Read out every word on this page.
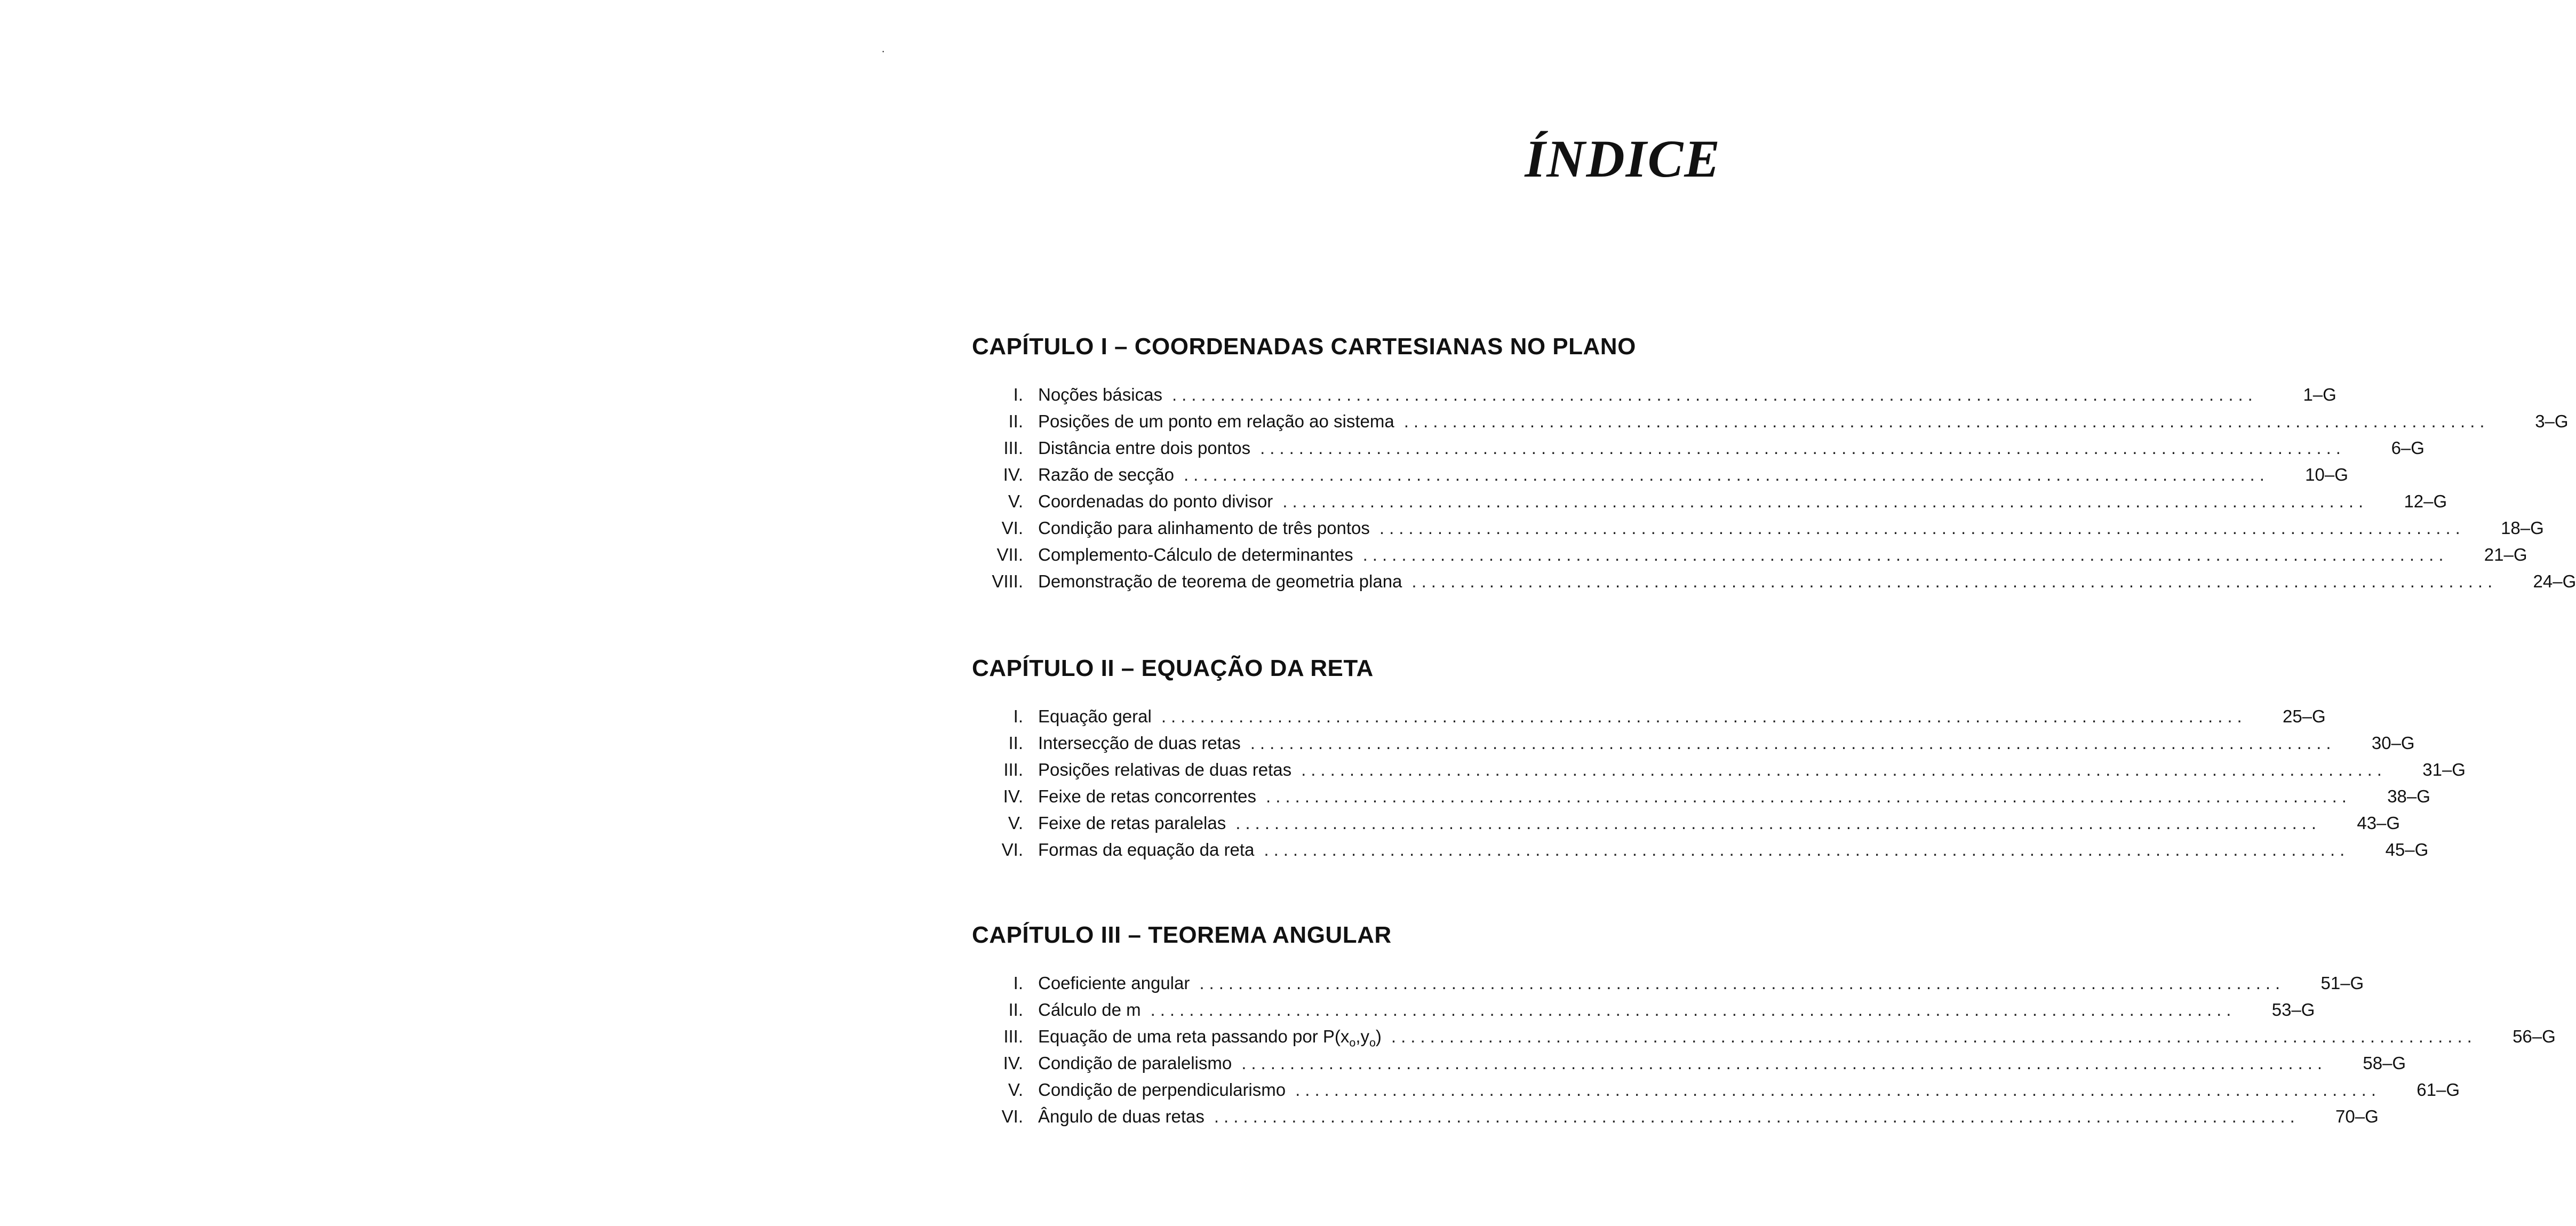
·
ÍNDICE
CAPÍTULO I – COORDENADAS CARTESIANAS NO PLANO
I. Noções básicas ................................................................................................................	1–G
II. Posições de um ponto em relação ao sistema ................................................................................................................	3–G
III. Distância entre dois pontos ................................................................................................................	6–G
IV. Razão de secção ................................................................................................................	10–G
V. Coordenadas do ponto divisor ................................................................................................................	12–G
VI. Condição para alinhamento de três pontos ................................................................................................................	18–G
VII. Complemento-Cálculo de determinantes ................................................................................................................	21–G
VIII. Demonstração de teorema de geometria plana ................................................................................................................	24–G
CAPÍTULO II – EQUAÇÃO DA RETA
I. Equação geral ................................................................................................................	25–G
II. Intersecção de duas retas ................................................................................................................	30–G
III. Posições relativas de duas retas ................................................................................................................	31–G
IV. Feixe de retas concorrentes ................................................................................................................	38–G
V. Feixe de retas paralelas ................................................................................................................	43–G
VI. Formas da equação da reta ................................................................................................................	45–G
CAPÍTULO III – TEOREMA ANGULAR
I. Coeficiente angular ................................................................................................................	51–G
II. Cálculo de m ................................................................................................................	53–G
III. Equação de uma reta passando por $P(x_o,y_o)$ ................................................................................................................	56–G
IV. Condição de paralelismo ................................................................................................................	58–G
V. Condição de perpendicularismo ................................................................................................................	61–G
VI. Ângulo de duas retas ................................................................................................................	70–G
